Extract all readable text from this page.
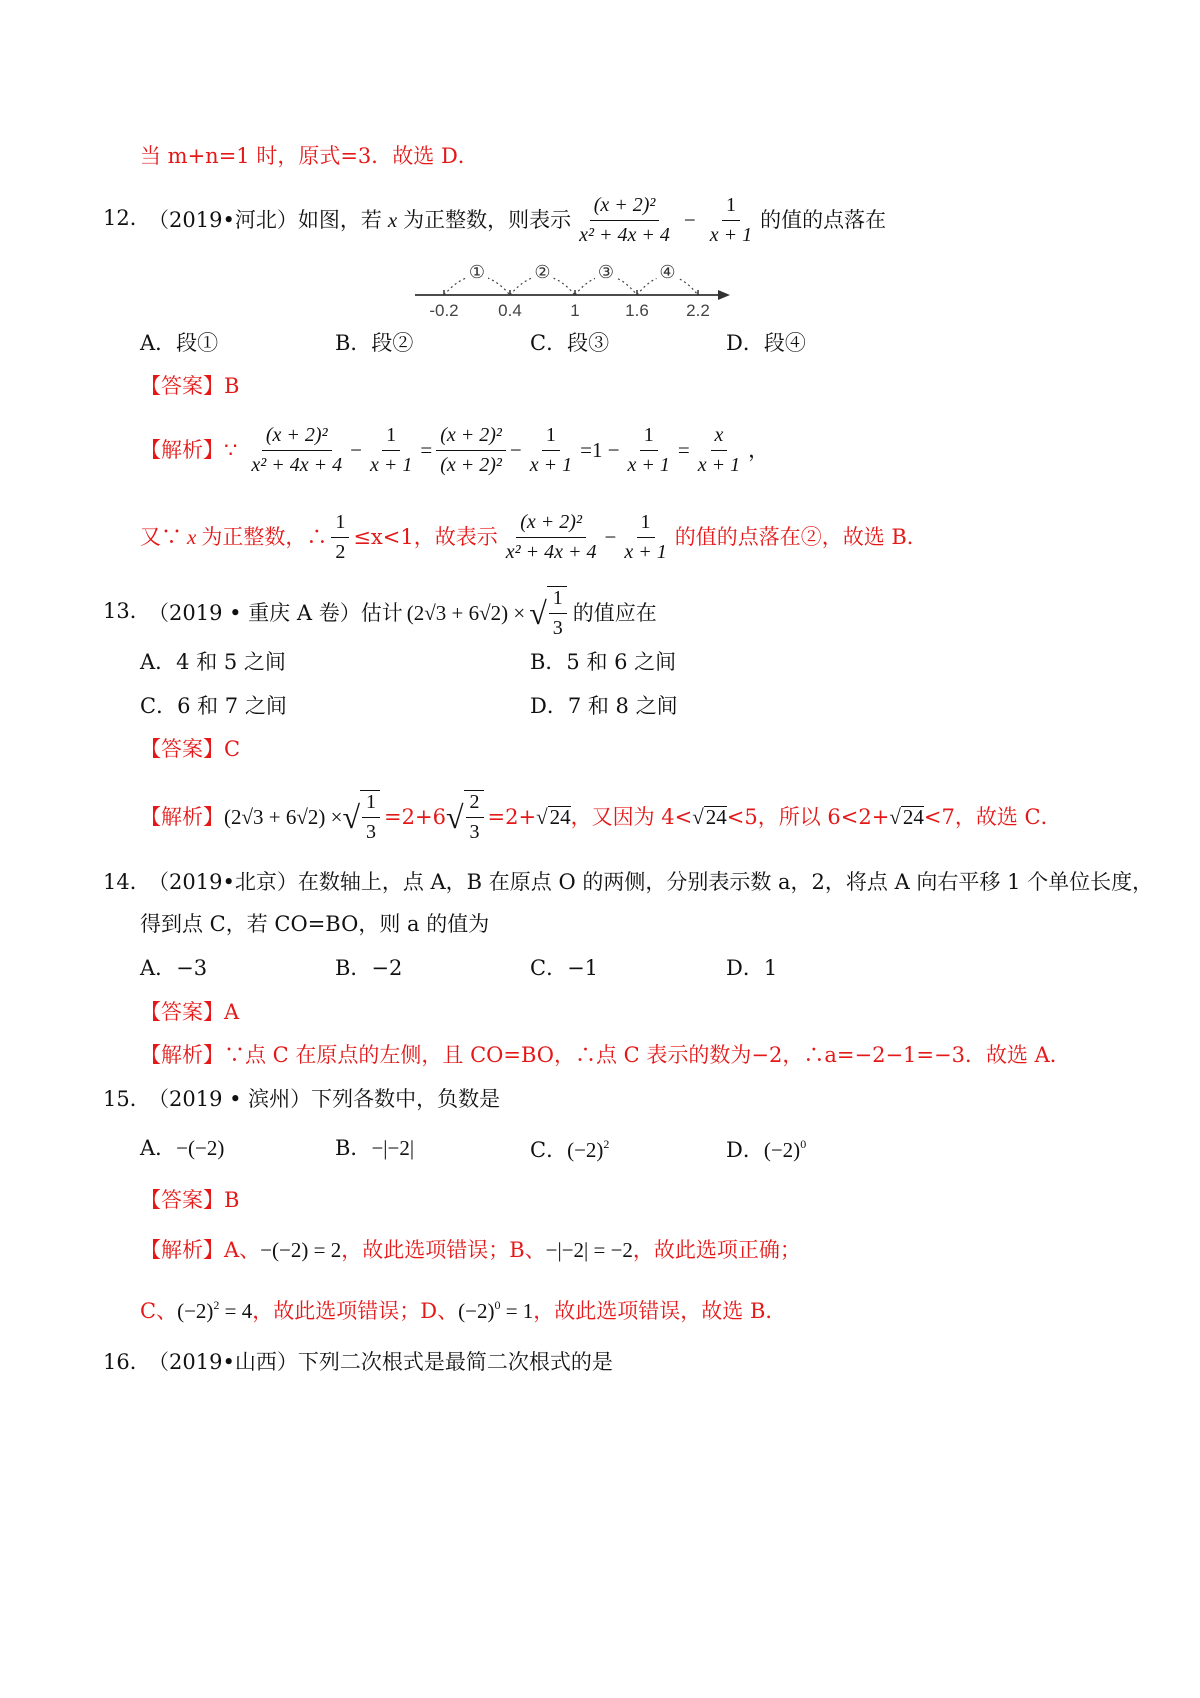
当 m+n=1 时，原式=3．故选 D．
12．
（2019•河北） 如图，若 x 为正整数，则表示 $\frac{\text{(x + 2)²}}{\text{x² + 4x + 4}} - \frac{1}{x + 1}$ 的值的点落在
①	②	③	④
-0.2 0.4	1	1.6 2.2
A．段①	B．段②	C．段③	D．段④
【答案】B
【解析】 ∵ $\frac{\text{(x + 2)²}}{\text{x² + 4x + 4}} - \frac{1}{x + 1} = \frac{\text{(x + 2)²}}{\text{(x + 2)²}} - \frac{1}{x + 1} =1 - \frac{1}{x + 1} = \frac{x}{x + 1}$ ，
又∵ x 为正整数，∴ $\frac{1}{2} \le x<1$，故表示 $\frac{\text{(x + 2)²}}{\text{x² + 4x + 4}} - \frac{1}{x + 1}$ 的值的点落在②，故选 B．
13．
（2019 • 重庆 A 卷）估计 (2√3 + 6√2) × √ $\frac{1}{3}$ 的值应在
A．4 和 5 之间	B．5 和 6 之间
C．6 和 7 之间	D．7 和 8 之间
【答案】C
【解析】 (2√3 + 6√2) × √ $\frac{1}{3} =2+6$ √ $\frac{2}{3} =2+$ √ 24 ，又因为 4< √ 24 <5，所以 6<2+ √ 24 <7，故选 C．
14．
（2019•北京）在数轴上，点 A，B 在原点 O 的两侧，分别表示数 a，2，将点 A 向右平移 1 个单位长度，
得到点 C，若 CO=BO，则 a 的值为
A．−3	B．−2	C．−1	D．1
【答案】A
【解析】∵点 C 在原点的左侧，且 CO=BO，∴点 C 表示的数为−2，∴a=−2−1=−3．故选 A．
15．
（2019 • 滨州）下列各数中，负数是
A．−(−2)	B．−|−2|	C．$(-2)^2$	D．$(-2)^0$
【答案】B
【解析】A、−(−2) = 2，故此选项错误；B、−|−2| = −2，故此选项正确；
C、$(-2)^2 = 4$，故此选项错误；D、$(-2)^0 = 1$，故此选项错误，故选 B．
16．
（2019•山西）下列二次根式是最简二次根式的是
